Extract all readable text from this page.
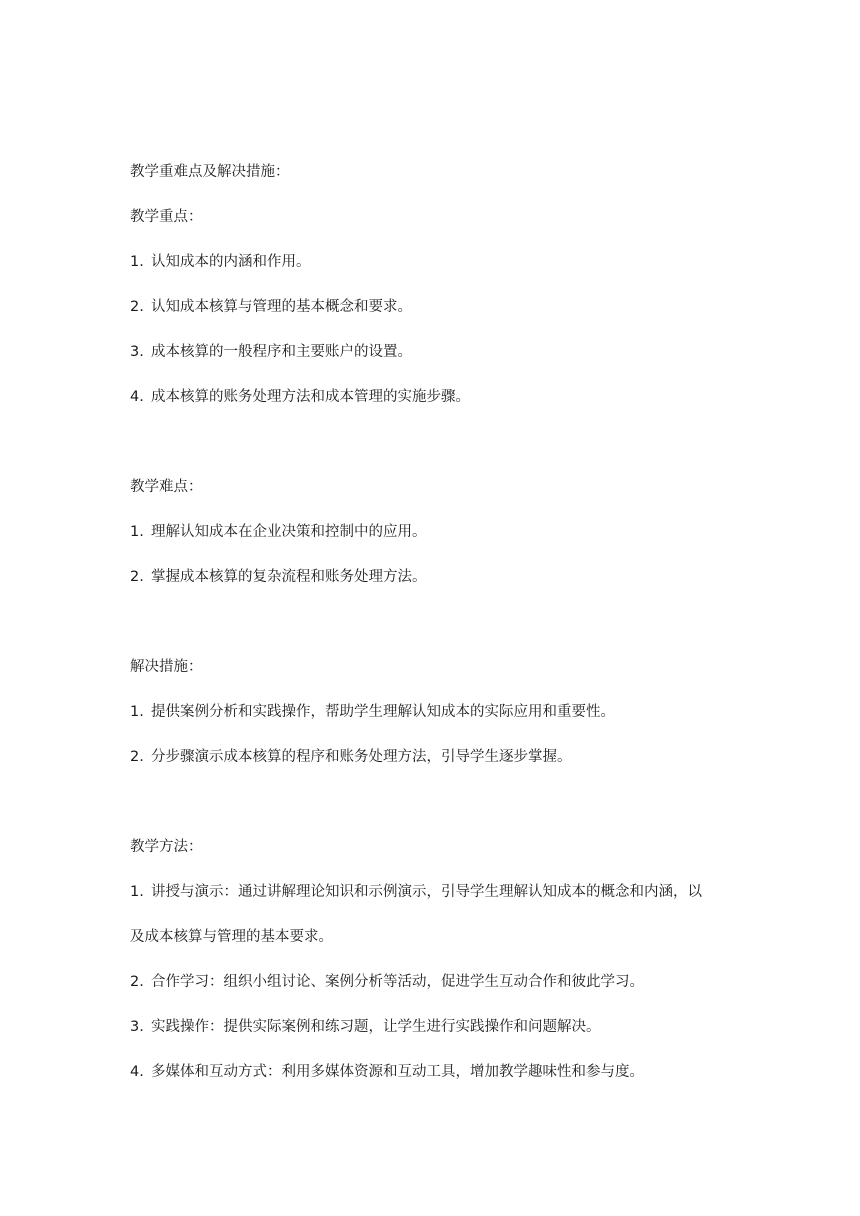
教学重难点及解决措施：
教学重点：
1. 认知成本的内涵和作用。
2. 认知成本核算与管理的基本概念和要求。
3. 成本核算的一般程序和主要账户的设置。
4. 成本核算的账务处理方法和成本管理的实施步骤。
教学难点：
1. 理解认知成本在企业决策和控制中的应用。
2. 掌握成本核算的复杂流程和账务处理方法。
解决措施：
1. 提供案例分析和实践操作，帮助学生理解认知成本的实际应用和重要性。
2. 分步骤演示成本核算的程序和账务处理方法，引导学生逐步掌握。
教学方法：
1. 讲授与演示：通过讲解理论知识和示例演示，引导学生理解认知成本的概念和内涵，以
及成本核算与管理的基本要求。
2. 合作学习：组织小组讨论、案例分析等活动，促进学生互动合作和彼此学习。
3. 实践操作：提供实际案例和练习题，让学生进行实践操作和问题解决。
4. 多媒体和互动方式：利用多媒体资源和互动工具，增加教学趣味性和参与度。
